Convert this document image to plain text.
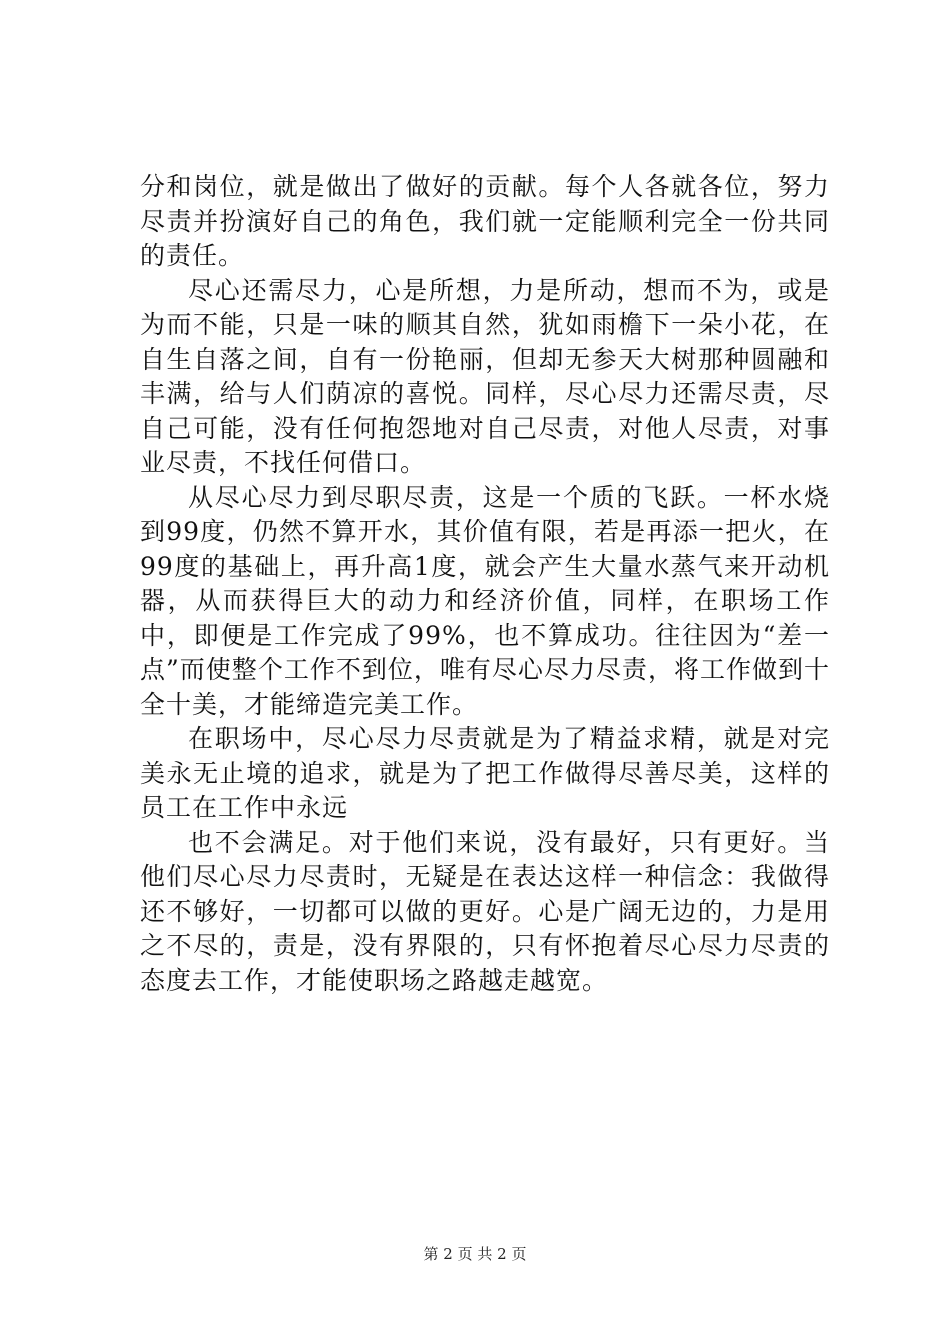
分和岗位，就是做出了做好的贡献。每个人各就各位，努力尽责并扮演好自己的角色，我们就一定能顺利完全一份共同的责任。

尽心还需尽力，心是所想，力是所动，想而不为，或是为而不能，只是一味的顺其自然，犹如雨檐下一朵小花，在自生自落之间，自有一份艳丽，但却无参天大树那种圆融和丰满，给与人们荫凉的喜悦。同样，尽心尽力还需尽责，尽自己可能，没有任何抱怨地对自己尽责，对他人尽责，对事业尽责，不找任何借口。

从尽心尽力到尽职尽责，这是一个质的飞跃。一杯水烧到99度，仍然不算开水，其价值有限，若是再添一把火，在99度的基础上，再升高1度，就会产生大量水蒸气来开动机器，从而获得巨大的动力和经济价值，同样，在职场工作中，即便是工作完成了99%，也不算成功。往往因为“差一点”而使整个工作不到位，唯有尽心尽力尽责，将工作做到十全十美，才能缔造完美工作。

在职场中，尽心尽力尽责就是为了精益求精，就是对完美永无止境的追求，就是为了把工作做得尽善尽美，这样的员工在工作中永远

也不会满足。对于他们来说，没有最好，只有更好。当他们尽心尽力尽责时，无疑是在表达这样一种信念：我做得还不够好，一切都可以做的更好。心是广阔无边的，力是用之不尽的，责是，没有界限的，只有怀抱着尽心尽力尽责的态度去工作，才能使职场之路越走越宽。

第 2 页 共 2 页
